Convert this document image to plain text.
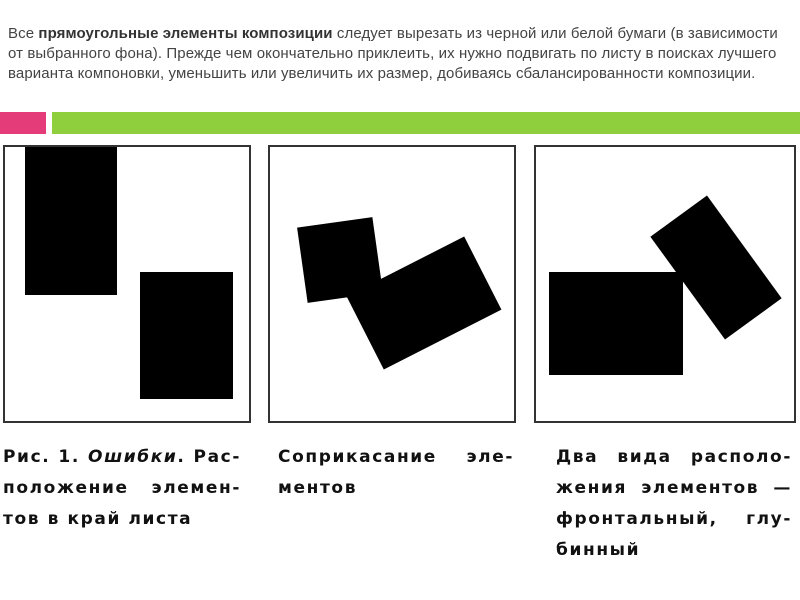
Все прямоугольные элементы композиции следует вырезать из черной или белой бумаги (в зависимости от выбранного фона). Прежде чем окончательно приклеить, их нужно подвигать по листу в поисках лучшего варианта компоновки, уменьшить или увеличить их размер, добиваясь сбалансированности композиции.
Рис. 1. Ошибки. Рас-
положение элемен-
тов в край листа
Соприкасание эле-
ментов
Два вида располо-
жения элементов —
фронтальный, глу-
бинный
